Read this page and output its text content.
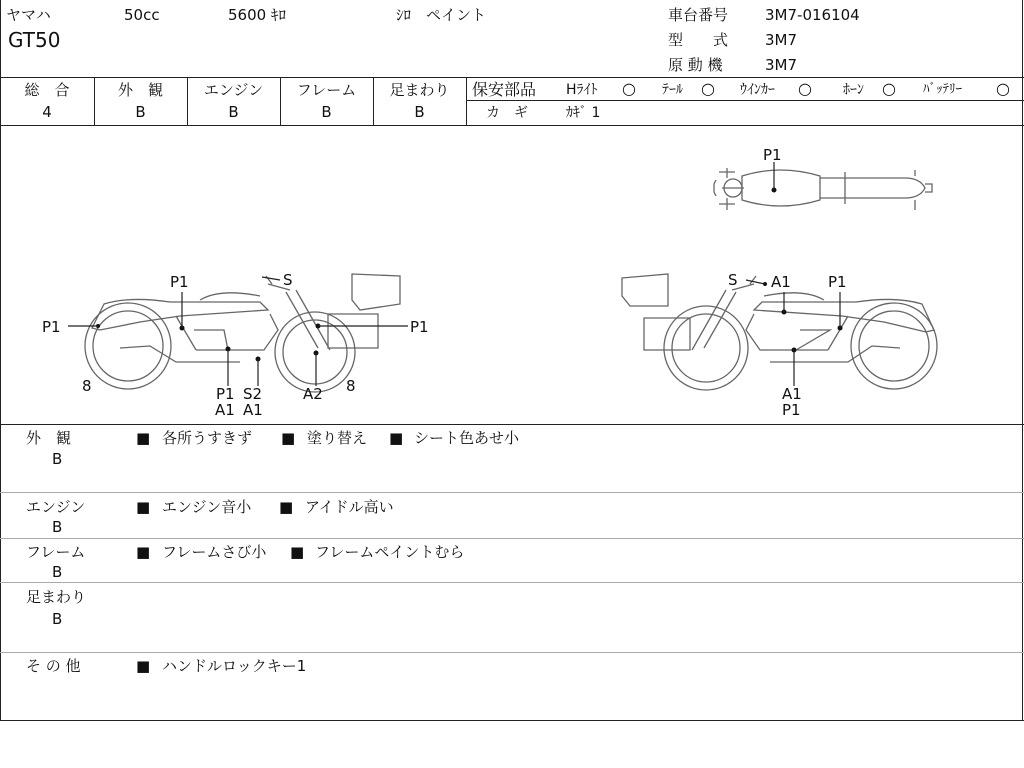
ヤマハ	50cc	5600 ｷﾛ	ｼﾛ　ペイント
GT50
車台番号 3M7-016104
型　　式 3M7
原 動 機	3M7
総　合
4
外　観
B
エンジン
B
フレーム
B
足まわり
B
保安部品 Hﾗｲﾄ ○ ﾃｰﾙ ○ ｳｲﾝｶｰ ○ ﾎｰﾝ ○ ﾊﾞｯﾃﾘｰ ○
カ　ギ	ｶｷﾞ 1
P1
P1	S
P1	P1
8	8
P1 S2
A1 A1
A2
S A1 P1
A1
P1
外　観
B
■ 各所うすきず ■ 塗り替え ■ シート色あせ小
エンジン
B
■ エンジン音小 ■ アイドル高い
フレーム
B
■ フレームさび小 ■ フレームペイントむら
足まわり
B
そ の 他	■ ハンドルロックキー1
